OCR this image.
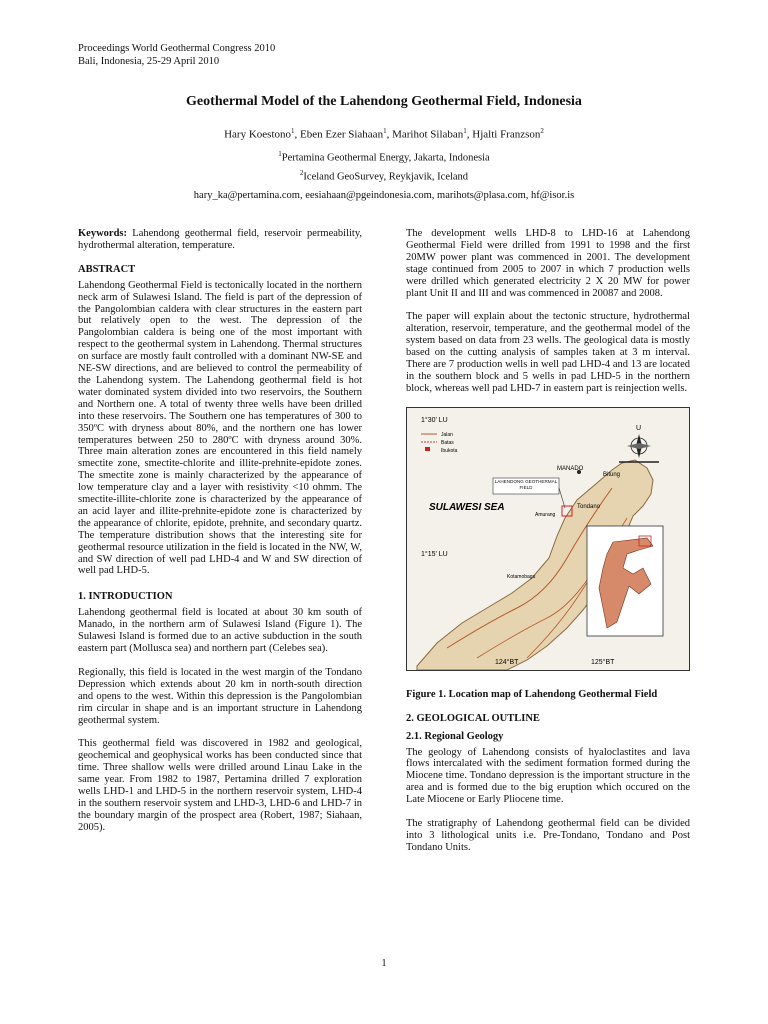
Proceedings World Geothermal Congress 2010
Bali, Indonesia, 25-29 April 2010
Geothermal Model of the Lahendong Geothermal Field, Indonesia
Hary Koestono$^1$, Eben Ezer Siahaan$^1$, Marihot Silaban$^1$, Hjalti Franzson$^2$
$^1$Pertamina Geothermal Energy, Jakarta, Indonesia
$^2$Iceland GeoSurvey, Reykjavik, Iceland
hary_ka@pertamina.com, eesiahaan@pgeindonesia.com, marihots@plasa.com, hf@isor.is

Keywords: Lahendong geothermal field, reservoir permeability, hydrothermal alteration, temperature.

ABSTRACT

Lahendong Geothermal Field is tectonically located in the northern neck arm of Sulawesi Island. The field is part of the depression of the Pangolombian caldera with clear structures in the eastern part but relatively open to the west. The depression of the Pangolombian caldera is being one of the most important with respect to the geothermal system in Lahendong. Thermal structures on surface are mostly fault controlled with a dominant NW-SE and NE-SW directions, and are believed to control the permeability of the Lahendong system. The Lahendong geothermal field is hot water dominated system divided into two reservoirs, the Southern and Northern one. A total of twenty three wells have been drilled into these reservoirs. The Southern one has temperatures of 300 to 350ºC with dryness about 80%, and the northern one has lower temperatures between 250 to 280ºC with dryness around 30%. Three main alteration zones are encountered in this field namely smectite zone, smectite-chlorite and illite-prehnite-epidote zones. The smectite zone is mainly characterized by the appearance of low temperature clay and a layer with resistivity <10 ohmm. The smectite-illite-chlorite zone is characterized by the appearance of an acid layer and illite-prehnite-epidote zone is characterized by the appearance of chlorite, epidote, prehnite, and secondary quartz. The temperature distribution shows that the interesting site for geothermal resource utilization in the field is located in the NW, W, and SW direction of well pad LHD-4 and W and SW direction of well pad LHD-5.

1. INTRODUCTION

Lahendong geothermal field is located at about 30 km south of Manado, in the northern arm of Sulawesi Island (Figure 1). The Sulawesi Island is formed due to an active subduction in the south eastern part (Mollusca sea) and northern part (Celebes sea).

Regionally, this field is located in the west margin of the Tondano Depression which extends about 20 km in north-south direction and opens to the west. Within this depression is the Pangolombian rim circular in shape and is an important structure in Lahendong geothermal system.

This geothermal field was discovered in 1982 and geological, geochemical and geophysical works has been conducted since that time. Three shallow wells were drilled around Linau Lake in the same year. From 1982 to 1987, Pertamina drilled 7 exploration wells LHD-1 and LHD-5 in the northern reservoir system, LHD-4 in the southern reservoir system and LHD-3, LHD-6 and LHD-7 in the boundary margin of the prospect area (Robert, 1987; Siahaan, 2005).

The development wells LHD-8 to LHD-16 at Lahendong Geothermal Field were drilled from 1991 to 1998 and the first 20MW power plant was commenced in 2001. The development stage continued from 2005 to 2007 in which 7 production wells were drilled which generated electricity 2 X 20 MW for power plant Unit II and III and was commenced in 20087 and 2008.

The paper will explain about the tectonic structure, hydrothermal alteration, reservoir, temperature, and the geothermal model of the system based on data from 23 wells. The geological data is mostly based on the cutting analysis of samples taken at 3 m interval. There are 7 production wells in well pad LHD-4 and 13 are located in the southern block and 5 wells in pad LHD-5 in the northern block, whereas well pad LHD-7 in eastern part is reinjection wells.

1°30' LU
1°15' LU
124°BT	125°BT
SULAWESI SEA
Jalan
Batas
Ibukota
U
LAHENDONG GEOTHERMAL FIELD
MANADO
Bitung
Tondano
Amurang
Kotamobagu

Figure 1. Location map of Lahendong Geothermal Field

2. GEOLOGICAL OUTLINE
2.1. Regional Geology

The geology of Lahendong consists of hyaloclastites and lava flows intercalated with the sediment formation formed during the Miocene time. Tondano depression is the important structure in the area and is formed due to the big eruption which occured on the Late Miocene or Early Pliocene time.

The stratigraphy of Lahendong geothermal field can be divided into 3 lithological units i.e. Pre-Tondano, Tondano and Post Tondano Units.

1
